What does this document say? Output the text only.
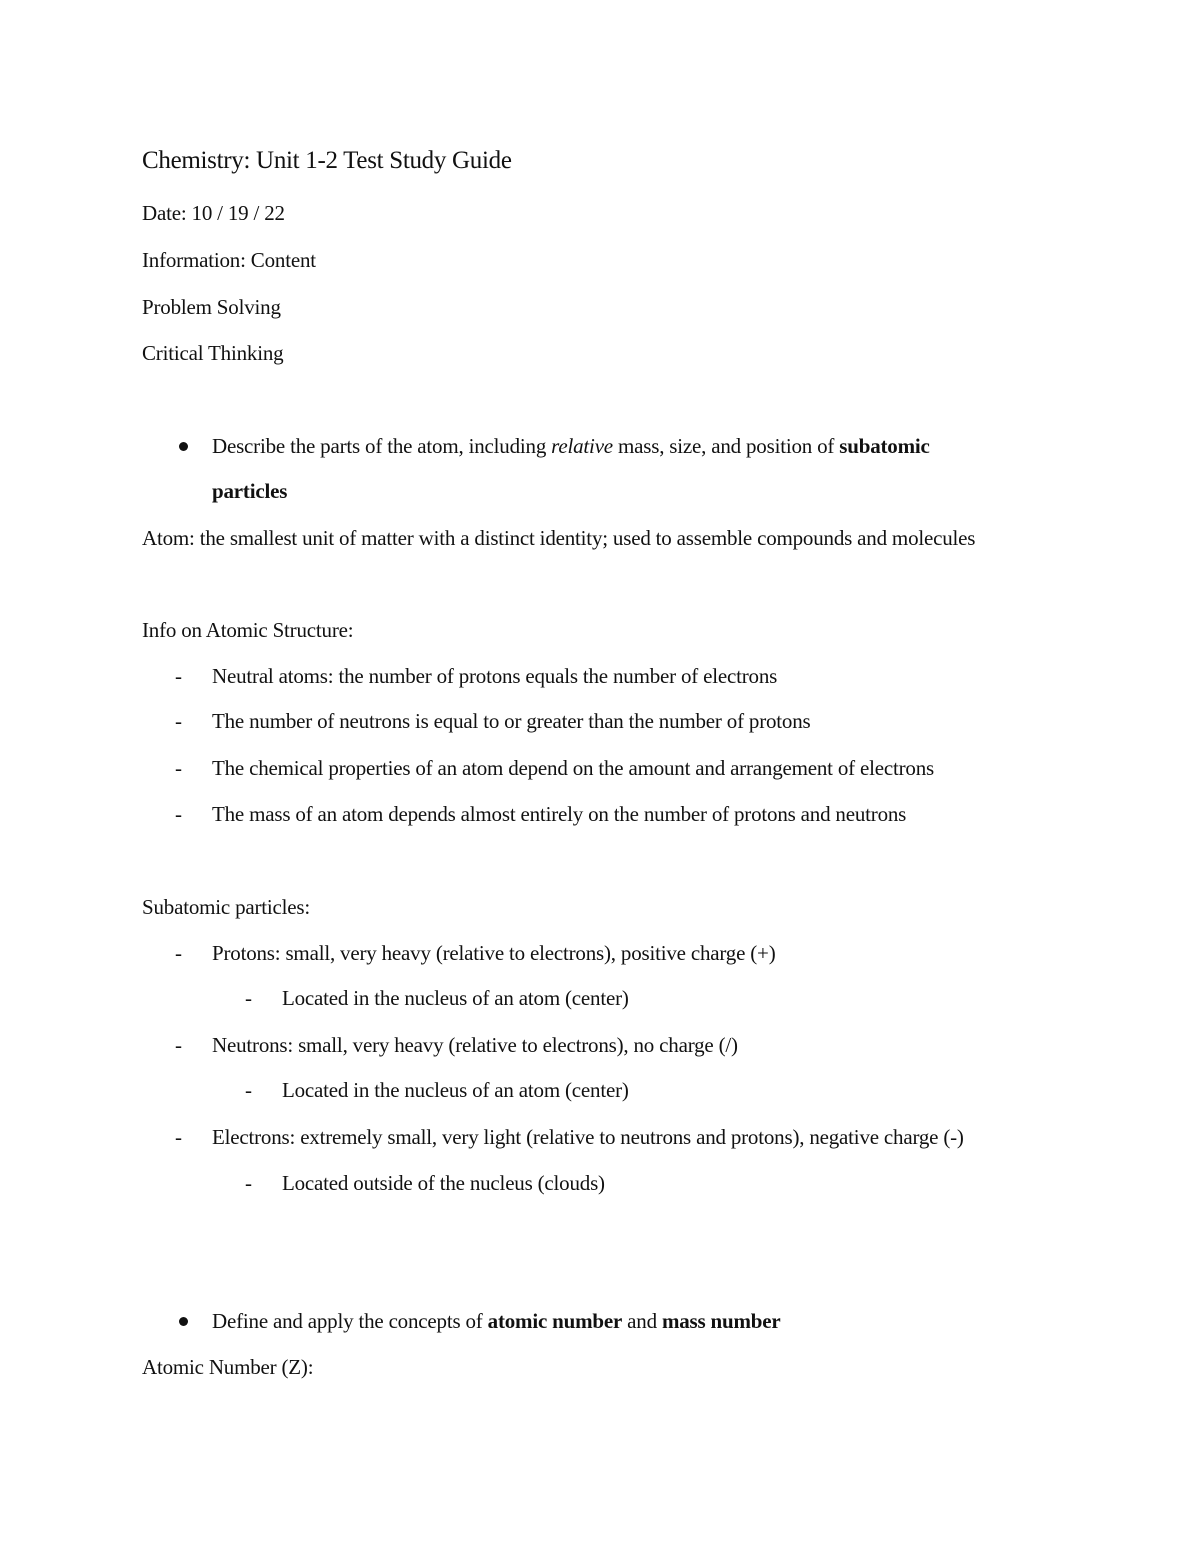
Chemistry: Unit 1-2 Test Study Guide
Date: 10 / 19 / 22
Information: Content
Problem Solving
Critical Thinking
Describe the parts of the atom, including relative mass, size, and position of subatomic
particles
Atom: the smallest unit of matter with a distinct identity; used to assemble compounds and molecules
Info on Atomic Structure:
- Neutral atoms: the number of protons equals the number of electrons
- The number of neutrons is equal to or greater than the number of protons
- The chemical properties of an atom depend on the amount and arrangement of electrons
- The mass of an atom depends almost entirely on the number of protons and neutrons
Subatomic particles:
- Protons: small, very heavy (relative to electrons), positive charge (+)
- Located in the nucleus of an atom (center)
- Neutrons: small, very heavy (relative to electrons), no charge (/)
- Located in the nucleus of an atom (center)
- Electrons: extremely small, very light (relative to neutrons and protons), negative charge (-)
- Located outside of the nucleus (clouds)
Define and apply the concepts of atomic number and mass number
Atomic Number (Z):
